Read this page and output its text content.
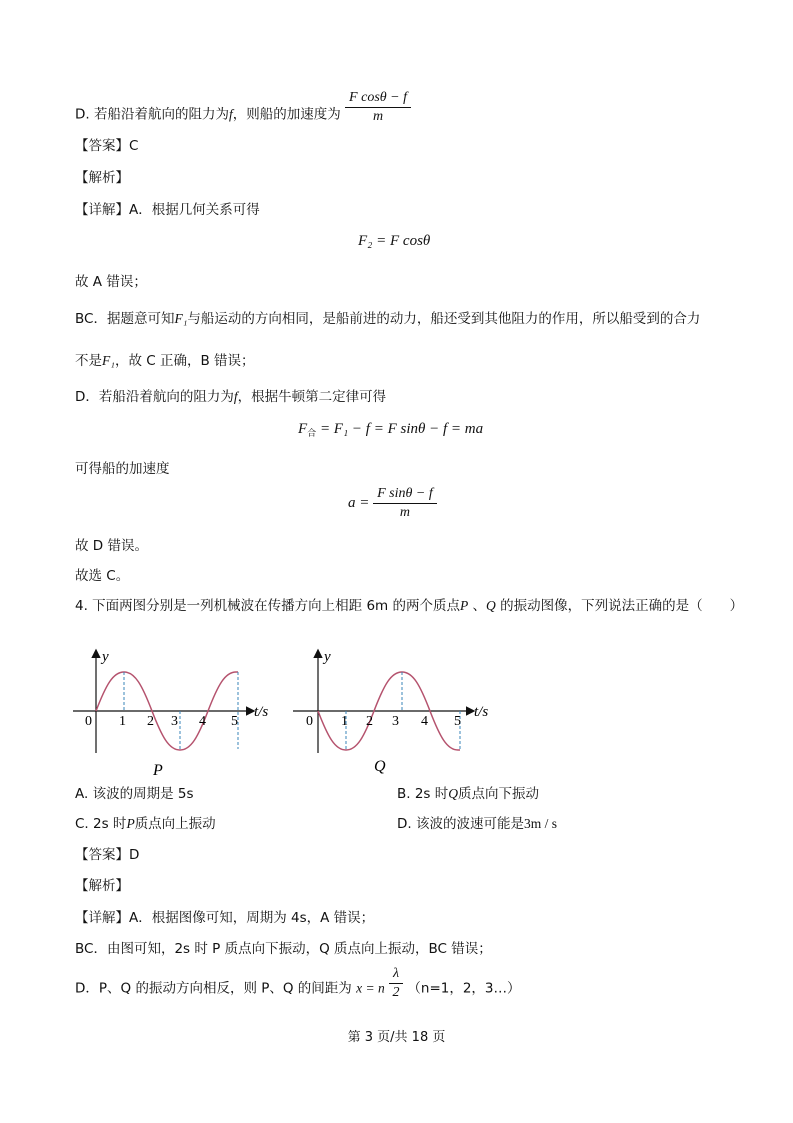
D. 若船沿着航向的阻力为f，则船的加速度为 $\frac{\text{F cosθ − f}}{m}$
【答案】C
【解析】
【详解】A．根据几何关系可得
F₂ = F cosθ
故 A 错误；
BC．据题意可知F₁与船运动的方向相同，是船前进的动力，船还受到其他阻力的作用，所以船受到的合力
不是F₁，故 C 正确，B 错误；
D．若船沿着航向的阻力为f，根据牛顿第二定律可得
$F_合 = F_1 - f = F$ sinθ − f = ma
可得船的加速度
$a = \frac{\text{F sinθ − f}}{m}$
故 D 错误。
故选 C。
4. 下面两图分别是一列机械波在传播方向上相距 6m 的两个质点P 、Q 的振动图像，下列说法正确的是（　　）
y
t/s
0 1 2 3 4 5
P
y
t/s
0 1 2 3 4 5
Q
A. 该波的周期是 5s	B. 2s 时Q质点向下振动
C. 2s 时P质点向上振动	D. 该波的波速可能是3m / s
【答案】D
【解析】
【详解】A．根据图像可知，周期为 4s，A 错误；
BC．由图可知，2s 时 P 质点向下振动，Q 质点向上振动，BC 错误；
D．P、Q 的振动方向相反，则 P、Q 的间距为 x = n $\frac{\lambda}{2} (n=1$，2，3…）
第 3 页/共 18 页
